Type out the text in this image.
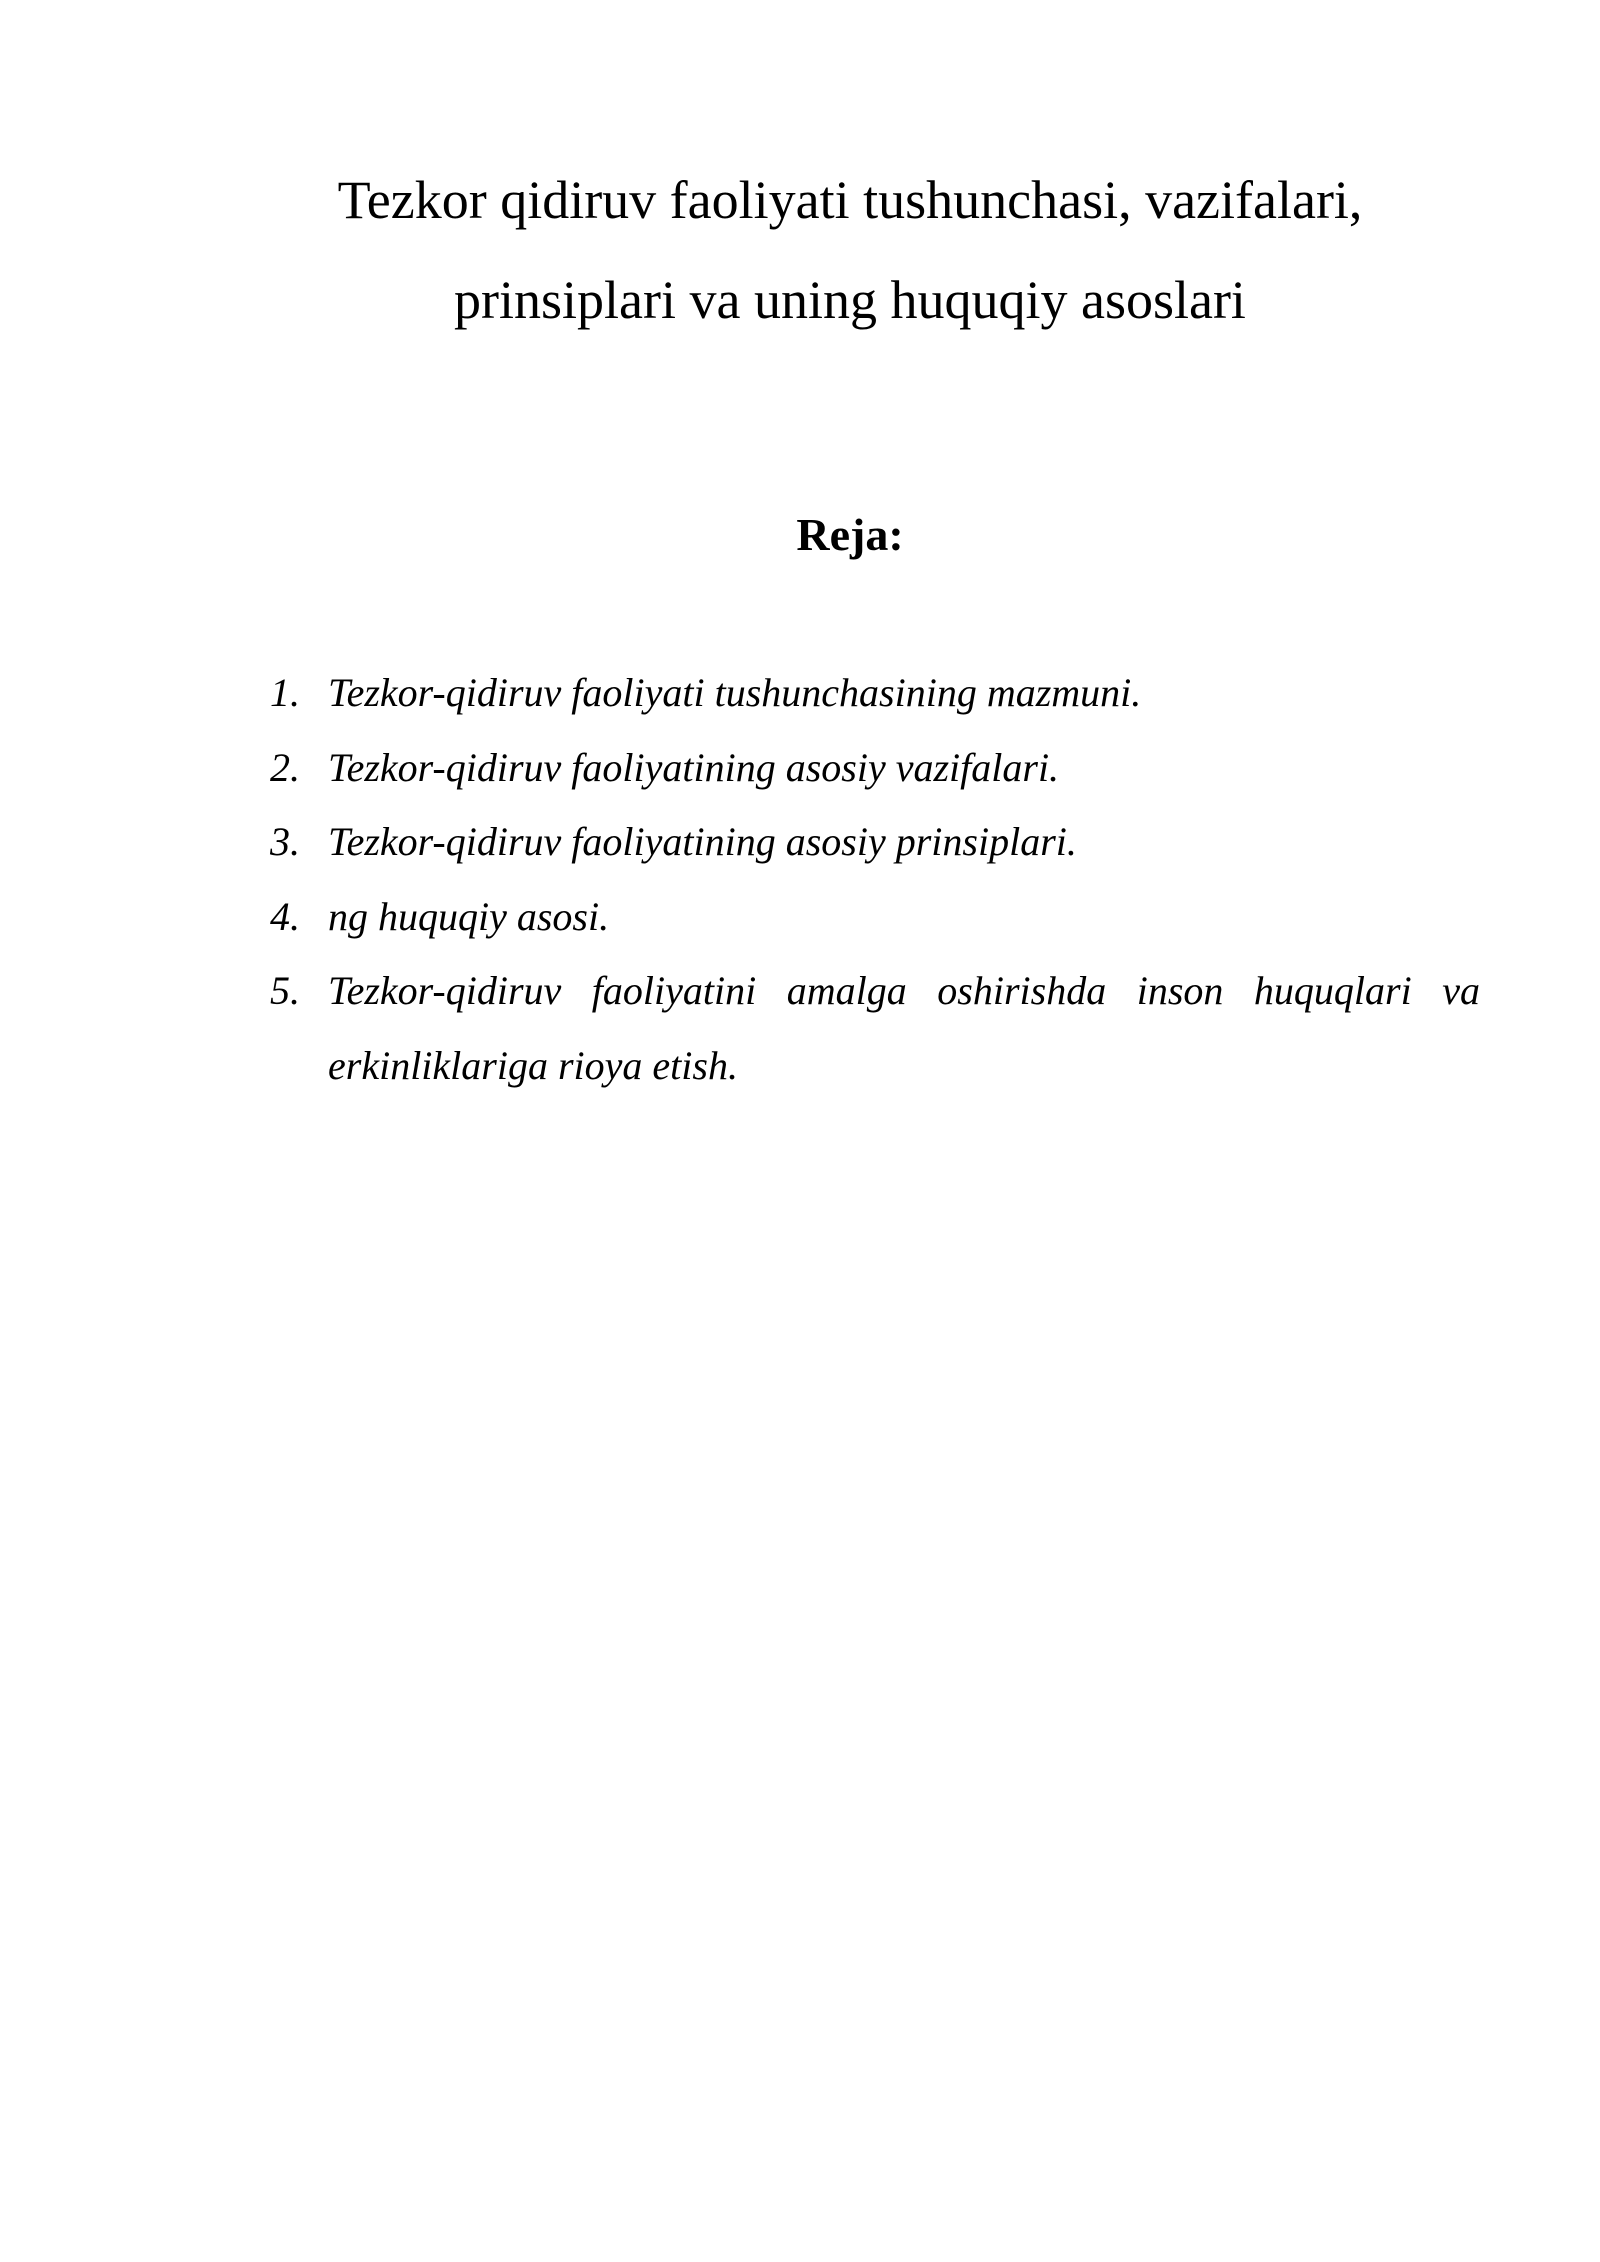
Tezkor qidiruv faoliyati tushunchasi, vazifalari,
prinsiplari va uning huquqiy asoslari
Reja:
1. Tezkor-qidiruv faoliyati tushunchasining mazmuni.
2. Tezkor-qidiruv faoliyatining asosiy vazifalari.
3. Tezkor-qidiruv faoliyatining asosiy prinsiplari.
4. ng huquqiy asosi.
5. Tezkor-qidiruv faoliyatini amalga oshirishda inson huquqlari va
erkinliklariga rioya etish.
